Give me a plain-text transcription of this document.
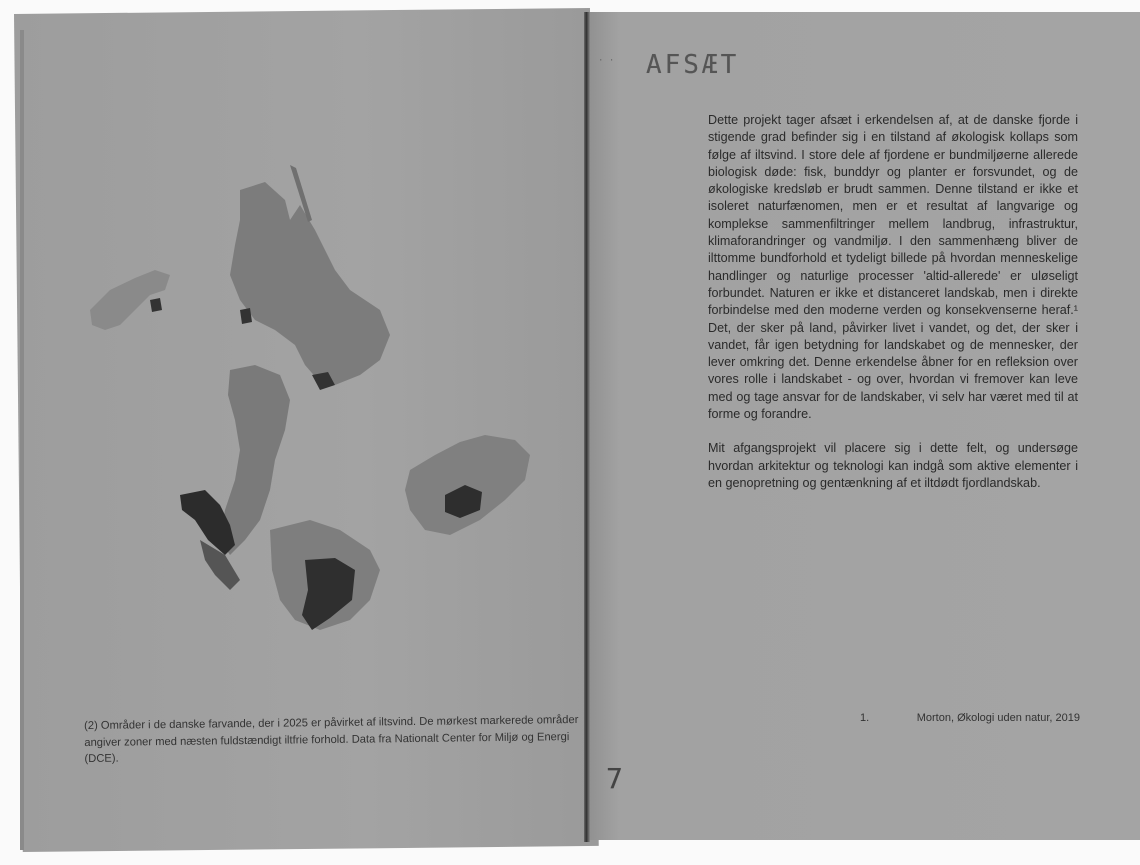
(2) Områder i de danske farvande, der i 2025 er påvirket af iltsvind. De mørkest markerede områder angiver zoner med næsten fuldstændigt iltfrie forhold. Data fra Nationalt Center for Miljø og Energi (DCE).
· · AFSÆT

Dette projekt tager afsæt i erkendelsen af, at de danske fjorde i stigende grad befinder sig i en tilstand af økologisk kollaps som følge af iltsvind. I store dele af fjordene er bundmiljøerne allerede biologisk døde: fisk, bunddyr og planter er forsvundet, og de økologiske kredsløb er brudt sammen. Denne tilstand er ikke et isoleret naturfænomen, men er et resultat af langvarige og komplekse sammenfiltringer mellem landbrug, infrastruktur, klimaforandringer og vandmiljø. I den sammenhæng bliver de ilttomme bundforhold et tydeligt billede på hvordan menneskelige handlinger og naturlige processer 'altid-allerede' er uløseligt forbundet. Naturen er ikke et distanceret landskab, men i direkte forbindelse med den moderne verden og konsekvenserne heraf.¹ Det, der sker på land, påvirker livet i vandet, og det, der sker i vandet, får igen betydning for landskabet og de mennesker, der lever omkring det. Denne erkendelse åbner for en refleksion over vores rolle i landskabet - og over, hvordan vi fremover kan leve med og tage ansvar for de landskaber, vi selv har været med til at forme og forandre.

Mit afgangsprojekt vil placere sig i dette felt, og undersøge hvordan arkitektur og teknologi kan indgå som aktive elementer i en genopretning og gentænkning af et iltdødt fjordlandskab.

1.	Morton, Økologi uden natur, 2019
7
